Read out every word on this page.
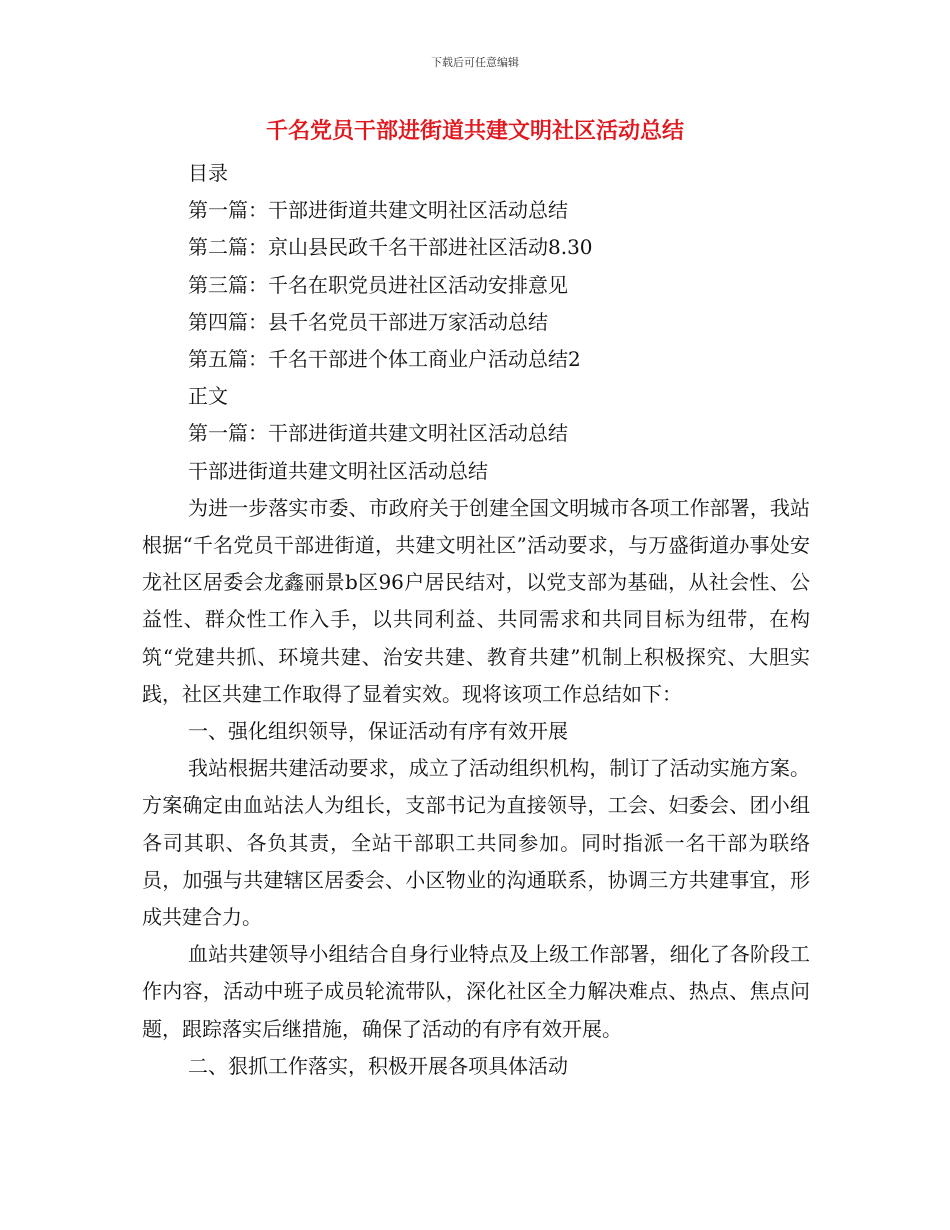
下载后可任意编辑
千名党员干部进街道共建文明社区活动总结

目录

第一篇：干部进街道共建文明社区活动总结

第二篇：京山县民政千名干部进社区活动8.30

第三篇：千名在职党员进社区活动安排意见

第四篇：县千名党员干部进万家活动总结

第五篇：千名干部进个体工商业户活动总结2

正文

第一篇：干部进街道共建文明社区活动总结

干部进街道共建文明社区活动总结

为进一步落实市委、市政府关于创建全国文明城市各项工作部署，我站根据“千名党员干部进街道，共建文明社区”活动要求，与万盛街道办事处安龙社区居委会龙鑫丽景b区96户居民结对，以党支部为基础，从社会性、公益性、群众性工作入手，以共同利益、共同需求和共同目标为纽带，在构筑“党建共抓、环境共建、治安共建、教育共建”机制上积极探究、大胆实践，社区共建工作取得了显着实效。现将该项工作总结如下：

一、强化组织领导，保证活动有序有效开展

我站根据共建活动要求，成立了活动组织机构，制订了活动实施方案。方案确定由血站法人为组长，支部书记为直接领导，工会、妇委会、团小组各司其职、各负其责，全站干部职工共同参加。同时指派一名干部为联络员，加强与共建辖区居委会、小区物业的沟通联系，协调三方共建事宜，形成共建合力。

血站共建领导小组结合自身行业特点及上级工作部署，细化了各阶段工作内容，活动中班子成员轮流带队，深化社区全力解决难点、热点、焦点问题，跟踪落实后继措施，确保了活动的有序有效开展。

二、狠抓工作落实，积极开展各项具体活动
